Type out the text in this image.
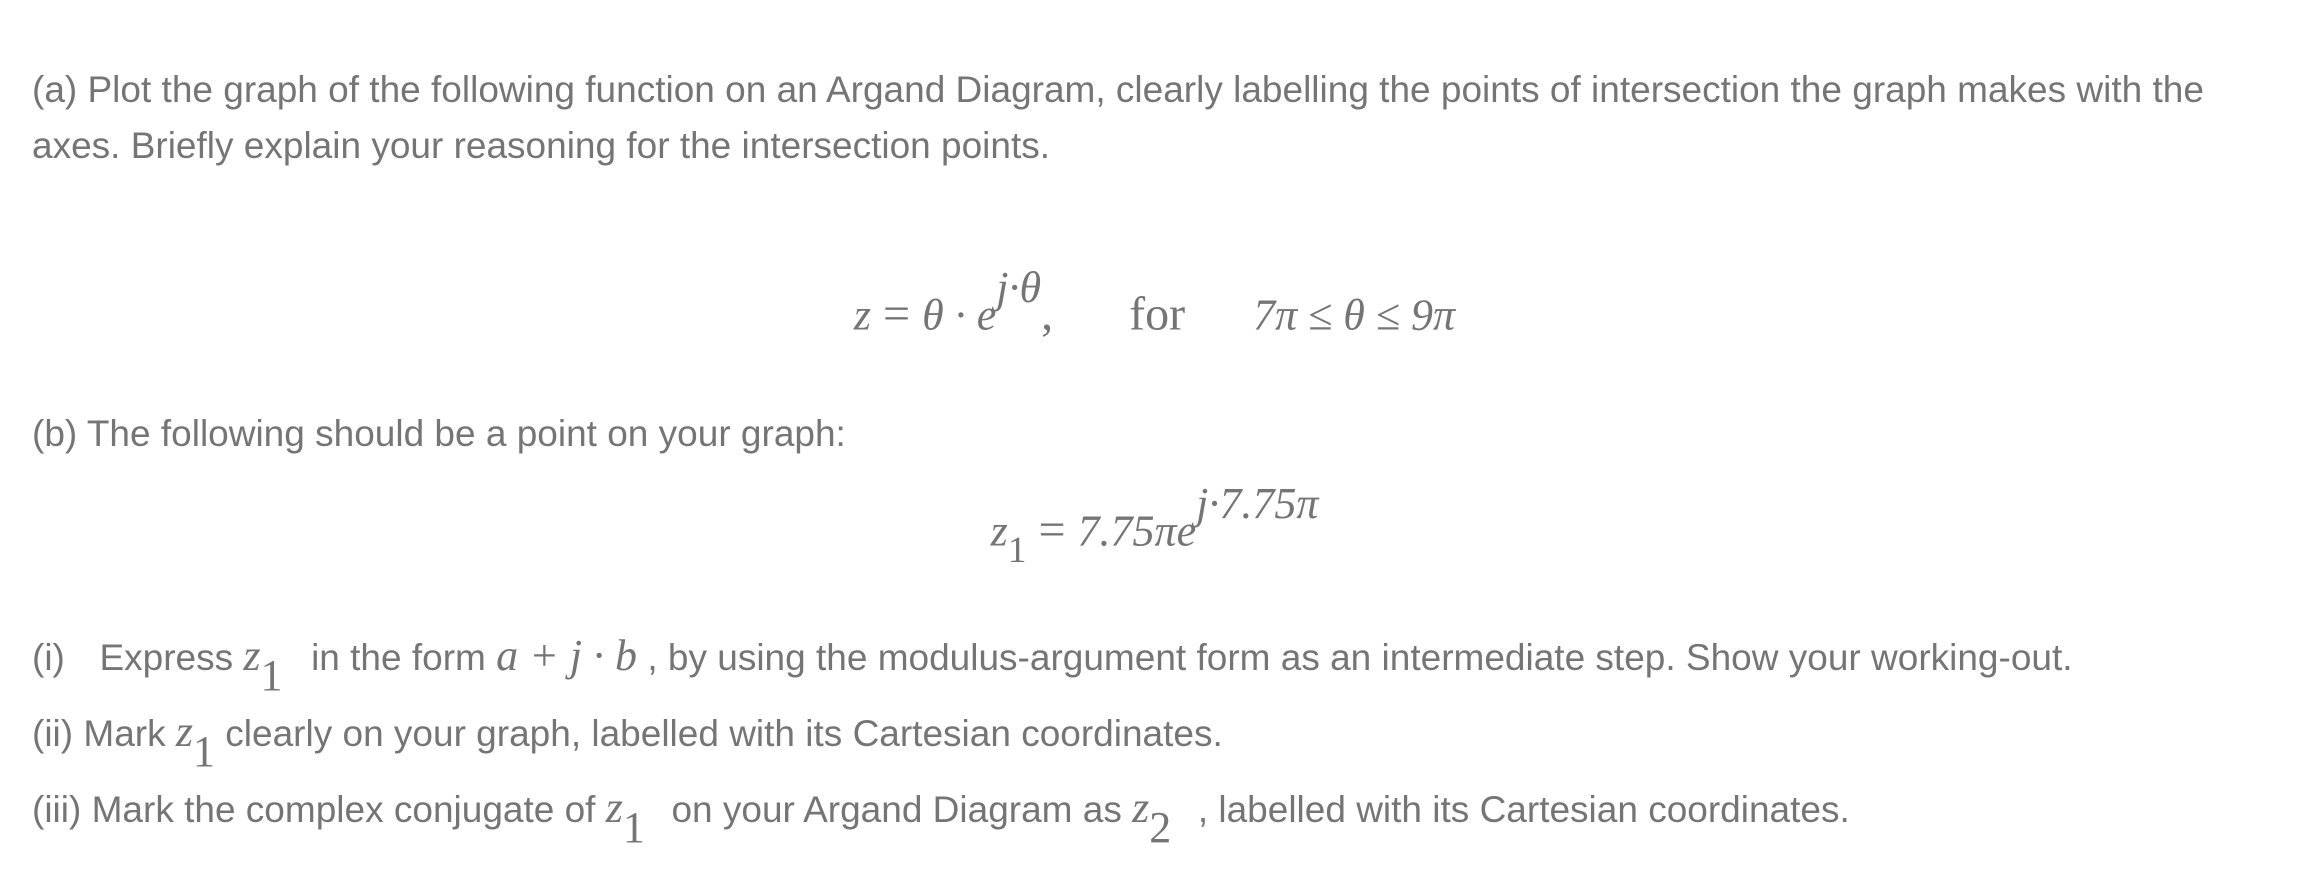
(a) Plot the graph of the following function on an Argand Diagram, clearly labelling the points of intersection the graph makes with the axes. Briefly explain your reasoning for the intersection points.
$z = \theta \cdot e^{j\cdot\theta}$, for 7π ≤ θ ≤ 9π
(b) The following should be a point on your graph:
$z_1 = 7.75\pi e^{j\cdot 7.75\pi}$
(i) Express $z_1$ in the form a + j · b , by using the modulus-argument form as an intermediate step. Show your working-out.
(ii) Mark $z_1$ clearly on your graph, labelled with its Cartesian coordinates.
(iii) Mark the complex conjugate of $z_1$ on your Argand Diagram as $z_2$ , labelled with its Cartesian coordinates.
